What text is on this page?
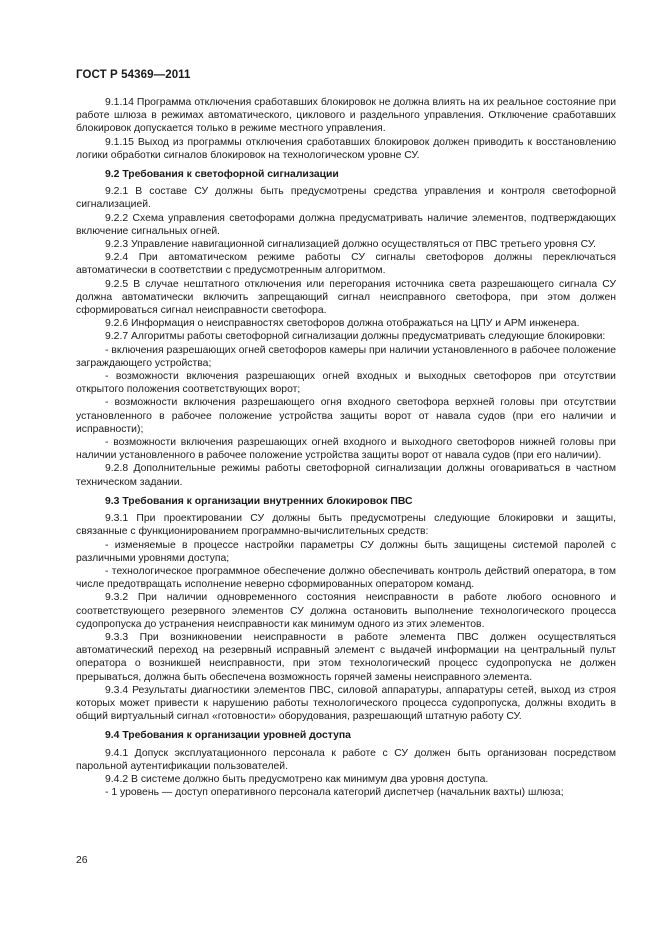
ГОСТ Р 54369—2011

9.1.14 Программа отключения сработавших блокировок не должна влиять на их реальное состояние при работе шлюза в режимах автоматического, циклового и раздельного управления. Отключение сработавших блокировок допускается только в режиме местного управления.

9.1.15 Выход из программы отключения сработавших блокировок должен приводить к восстановлению логики обработки сигналов блокировок на технологическом уровне СУ.

9.2 Требования к светофорной сигнализации

9.2.1 В составе СУ должны быть предусмотрены средства управления и контроля светофорной сигнализацией.

9.2.2 Схема управления светофорами должна предусматривать наличие элементов, подтверждающих включение сигнальных огней.

9.2.3 Управление навигационной сигнализацией должно осуществляться от ПВС третьего уровня СУ.

9.2.4 При автоматическом режиме работы СУ сигналы светофоров должны переключаться автоматически в соответствии с предусмотренным алгоритмом.

9.2.5 В случае нештатного отключения или перегорания источника света разрешающего сигнала СУ должна автоматически включить запрещающий сигнал неисправного светофора, при этом должен сформироваться сигнал неисправности светофора.

9.2.6 Информация о неисправностях светофоров должна отображаться на ЦПУ и АРМ инженера.

9.2.7 Алгоритмы работы светофорной сигнализации должны предусматривать следующие блокировки:

- включения разрешающих огней светофоров камеры при наличии установленного в рабочее положение заграждающего устройства;

- возможности включения разрешающих огней входных и выходных светофоров при отсутствии открытого положения соответствующих ворот;

- возможности включения разрешающего огня входного светофора верхней головы при отсутствии установленного в рабочее положение устройства защиты ворот от навала судов (при его наличии и исправности);

- возможности включения разрешающих огней входного и выходного светофоров нижней головы при наличии установленного в рабочее положение устройства защиты ворот от навала судов (при его наличии).

9.2.8 Дополнительные режимы работы светофорной сигнализации должны оговариваться в частном техническом задании.

9.3 Требования к организации внутренних блокировок ПВС

9.3.1 При проектировании СУ должны быть предусмотрены следующие блокировки и защиты, связанные с функционированием программно-вычислительных средств:

- изменяемые в процессе настройки параметры СУ должны быть защищены системой паролей с различными уровнями доступа;

- технологическое программное обеспечение должно обеспечивать контроль действий оператора, в том числе предотвращать исполнение неверно сформированных оператором команд.

9.3.2 При наличии одновременного состояния неисправности в работе любого основного и соответствующего резервного элементов СУ должна остановить выполнение технологического процесса судопропуска до устранения неисправности как минимум одного из этих элементов.

9.3.3 При возникновении неисправности в работе элемента ПВС должен осуществляться автоматический переход на резервный исправный элемент с выдачей информации на центральный пульт оператора о возникшей неисправности, при этом технологический процесс судопропуска не должен прерываться, должна быть обеспечена возможность горячей замены неисправного элемента.

9.3.4 Результаты диагностики элементов ПВС, силовой аппаратуры, аппаратуры сетей, выход из строя которых может привести к нарушению работы технологического процесса судопропуска, должны входить в общий виртуальный сигнал «готовности» оборудования, разрешающий штатную работу СУ.

9.4 Требования к организации уровней доступа

9.4.1 Допуск эксплуатационного персонала к работе с СУ должен быть организован посредством парольной аутентификации пользователей.

9.4.2 В системе должно быть предусмотрено как минимум два уровня доступа.

- 1 уровень — доступ оперативного персонала категорий диспетчер (начальник вахты) шлюза;

26
